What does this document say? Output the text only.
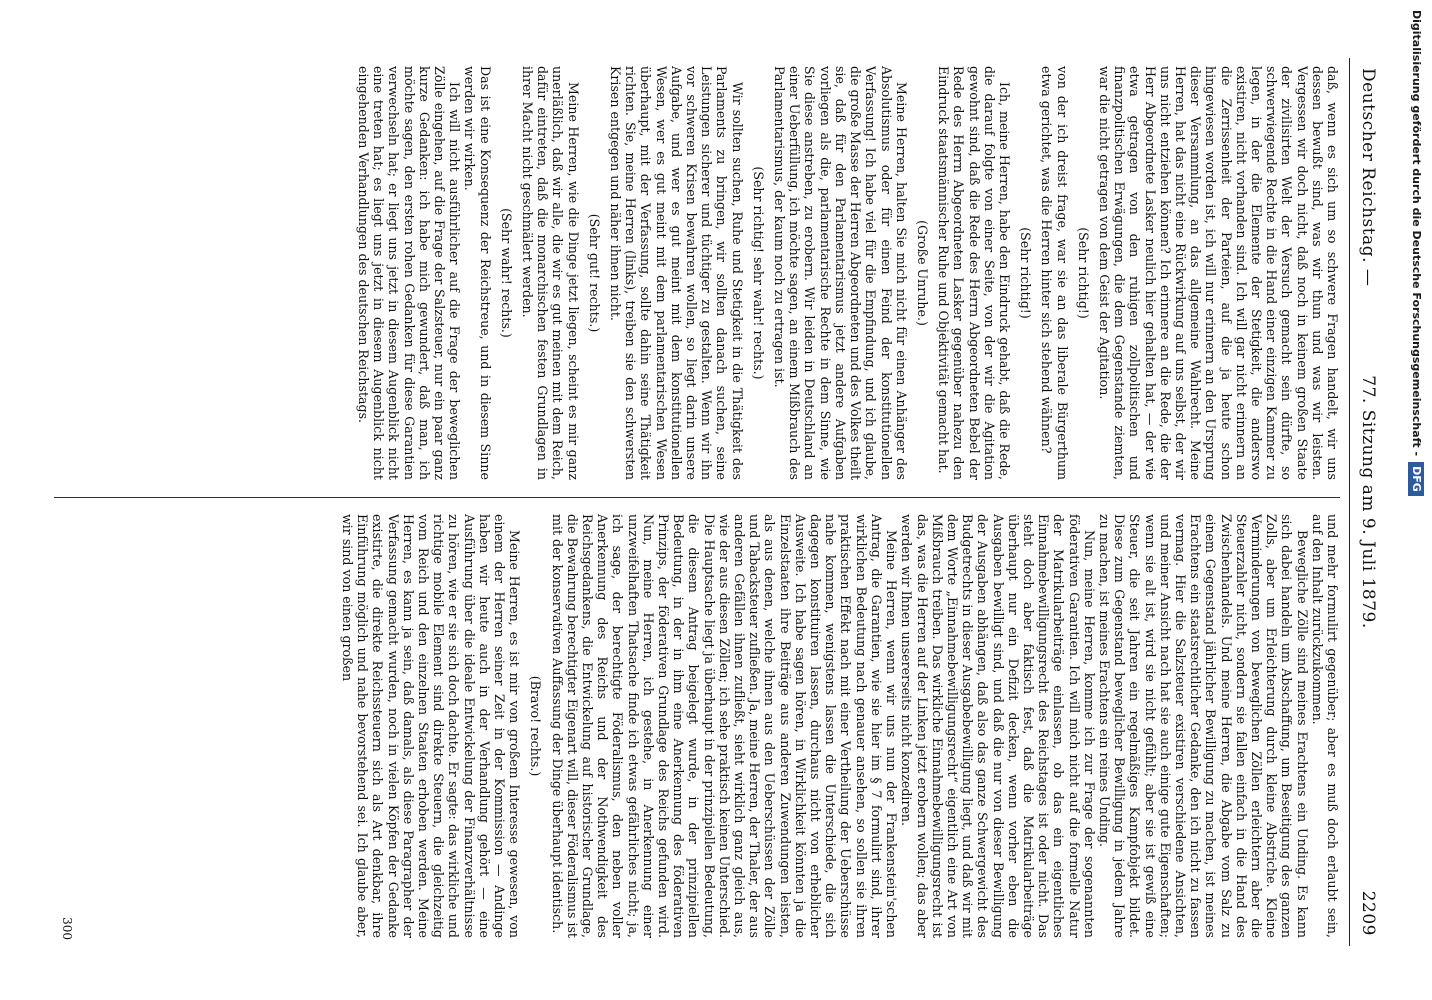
Deutscher Reichstag. —
77. Sitzung am 9. Juli 1879.
2209

daß, wenn es sich um so schwere Fragen handelt, wir uns dessen bewußt sind, was wir thun und was wir leisten. Vergessen wir doch nicht, daß noch in keinem großen Staate der zivilisirten Welt der Versuch gemacht sein dürfte, so schwerwiegende Rechte in die Hand einer einzigen Kammer zu legen, in der die Elemente der Stetigkeit, die anderswo existiren, nicht vorhanden sind. Ich will gar nicht erinnern an die Zerrissenheit der Parteien, auf die ja heute schon hingewiesen worden ist, ich will nur erinnern an den Ursprung dieser Versammlung, an das allgemeine Wahlrecht. Meine Herren, hat das nicht eine Rückwirkung auf uns selbst, der wir uns nicht entziehen können? Ich erinnere an die Rede, die der Herr Abgeordnete Lasker neulich hier gehalten hat, — der wie etwa getragen von den ruhigen zollpolitischen und finanzpolitischen Erwägungen, die dem Gegenstande ziemten, war die nicht getragen von dem Geist der Agitation.

(Sehr richtig!)

von der ich dreist frage, war sie an das liberale Bürgerthum etwa gerichtet, was die Herren hinter sich stehend wähnen?

(Sehr richtig!)

Ich, meine Herren, habe den Eindruck gehabt, daß die Rede, die darauf folgte von einer Seite, von der wir die Agitation gewohnt sind, daß die Rede des Herrn Abgeordneten Bebel der Rede des Herrn Abgeordneten Lasker gegenüber nahezu den Eindruck staatsmännischer Ruhe und Objektivität gemacht hat.

(Große Unruhe.)

Meine Herren, halten Sie mich nicht für einen Anhänger des Absolutismus oder für einen Feind der konstitutionellen Verfassung! Ich habe viel für die Empfindung, und ich glaube, die große Masse der Herren Abgeordneten und des Volkes theilt sie, daß für den Parlamentarismus jetzt andere Aufgaben vorliegen als die, parlamentarische Rechte in dem Sinne, wie Sie diese anstreben, zu erobern. Wir leiden in Deutschland an einer Ueberfüllung, ich möchte sagen, an einem Mißbrauch des Parlamentarismus, der kaum noch zu ertragen ist.

(Sehr richtig! sehr wahr! rechts.)

Wir sollten suchen, Ruhe und Stetigkeit in die Thätigkeit des Parlaments zu bringen, wir sollten danach suchen, seine Leistungen sicherer und tüchtiger zu gestalten. Wenn wir ihn vor schweren Krisen bewahren wollen, so liegt darin unsere Aufgabe, und wer es gut meint mit dem konstitutionellen Wesen, wer es gut meint mit dem parlamentarischen Wesen überhaupt, mit der Verfassung, sollte dahin seine Thätigkeit richten. Sie, meine Herren (links), treiben sie den schwersten Krisen entgegen und näher ihnen nicht.

(Sehr gut! rechts.)

Meine Herren, wie die Dinge jetzt liegen, scheint es mir ganz unerläßlich, daß wir alle, die wir es gut meinen mit dem Reich, dafür eintreten, daß die monarchischen festen Grundlagen in ihrer Macht nicht geschmälert werden.

(Sehr wahr! rechts.)

Das ist eine Konsequenz der Reichstreue, und in diesem Sinne werden wir wirken.

Ich will nicht ausführlicher auf die Frage der beweglichen Zölle eingehen, auf die Frage der Salzsteuer, nur ein paar ganz kurze Gedanken: ich habe mich gewundert, daß man, ich möchte sagen, den ersten rohen Gedanken für diese Garantien verwechseln hat; er liegt uns jetzt in diesem Augenblick nicht eine treten hat; es liegt uns jetzt in diesem Augenblick nicht eingehenden Verhandlungen des deutschen Reichstags.

und mehr formulirt gegenüber; aber es muß doch erlaubt sein, auf den Inhalt zurückzukommen.

Bewegliche Zölle sind meines Erachtens ein Unding. Es kann sich dabei handeln um Abschaffung, um Beseitigung des ganzen Zolls, aber um Erleichterung durch kleine Abstriche. Kleine Verminderungen von beweglichen Zöllen erleichtern aber die Steuerzahler nicht, sondern sie fallen einfach in die Hand des Zwischenhandels. Und meine Herren, die Abgabe vom Salz zu einem Gegenstand jährlicher Bewilligung zu machen, ist meines Erachtens ein staatsrechtlicher Gedanke, den ich nicht zu fassen vermag. Hier die Salzsteuer existiren verschiedene Ansichten, und meiner Ansicht nach hat sie auch einige gute Eigenschaften; wenn sie alt ist, wird sie nicht gefühlt; aber sie ist gewiß eine Steuer, die seit Jahren ein regelmäßiges Kampfobjekt bildet. Diese zum Gegenstand beweglicher Bewilligung in jedem Jahre zu machen, ist meines Erachtens ein reines Unding.

Nun, meine Herren, komme ich zur Frage der sogenannten föderativen Garantien. Ich will mich nicht auf die formelle Natur der Matrikularbeiträge einlassen, ob das ein eigentliches Einnahmebewilligungsrecht des Reichstages ist oder nicht. Das steht doch aber faktisch fest, daß die Matrikularbeiträge überhaupt nur ein Defizit decken, wenn vorher eben die Ausgaben bewilligt sind, und daß die nur von dieser Bewilligung der Ausgaben abhängen, daß also das ganze Schwergewicht des Budgetrechts in dieser Ausgabebewilligung liegt, und daß wir mit dem Worte „Einnahmebewilligungsrecht“ eigentlich eine Art von Mißbrauch treiben. Das wirkliche Einnahmebewilligungsrecht ist das, was die Herren auf der Linken jetzt erobern wollen; das aber werden wir Ihnen unsererseits nicht konzediren.

Meine Herren, wenn wir uns nun der Frankenstein'schen Antrag, die Garantien, wie sie hier im § 7 formulirt sind, ihrer wirklichen Bedeutung nach genauer ansehen, so sollen sie ihren praktischen Effekt nach mit einer Vertheilung der Ueberschüsse nahe kommen, wenigstens lassen die Unterschiede, die sich dagegen konstituiren lassen, durchaus nicht von erheblicher Ausweite. Ich habe sagen hören, in Wirklichkeit könnten ja die Einzelstaaten ihre Beiträge aus anderen Zuwendungen leisten, als aus denen, welche ihnen aus den Ueberschüssen der Zölle und Tabacksteuer zufließen. Ja, meine Herren, der Thaler, der aus anderen Gefällen ihnen zufließt, sieht wirklich ganz gleich aus, wie der aus diesen Zöllen; ich sehe praktisch keinen Unterschied. Die Hauptsache liegt ja überhaupt in der prinzipiellen Bedeutung, die diesem Antrag beigelegt wurde, in der prinzipiellen Bedeutung, in der in ihm eine Anerkennung des föderativen Prinzips, der föderativen Grundlage des Reichs gefunden wird. Nun, meine Herren, ich gestehe, in Anerkennung einer unzweifelhaften Thatsache finde ich etwas gefährliches nicht; ja, ich sage, der berechtigte Föderalismus, den neben voller Anerkennung des Reichs und der Nothwendigkeit des Reichsgedankens, die Entwickelung auf historischer Grundlage, die Bewahrung berechtigter Eigenart will, dieser Föderalismus ist mit der konservativen Auffassung der Dinge überhaupt identisch.

(Bravo! rechts.)

Meine Herren, es ist mir von großem Interesse gewesen, von einem der Herren seiner Zeit in der Kommission — Andinge haben wir heute auch in der Verhandlung gehört — eine Ausführung über die ideale Entwickelung der Finanzverhältnisse zu hören, wie er sie sich doch dachte. Er sagte: das wirkliche und richtige mobile Element sind direkte Steuern, die gleichzeitig vom Reich und den einzelnen Staaten erhoben werden. Meine Herren, es kann ja sein, daß damals, als diese Paragrapher der Verfassung gemacht wurden, noch in vielen Köpfen der Gedanke existirte, die direkte Reichssteuern sich als Art denkbar, ihre Einführung möglich und nahe bevorstehend sei. Ich glaube aber, wir sind von einen großen

300
Digitalisierung gefördert durch die Deutsche Forschungsgemeinschaft -DFG
